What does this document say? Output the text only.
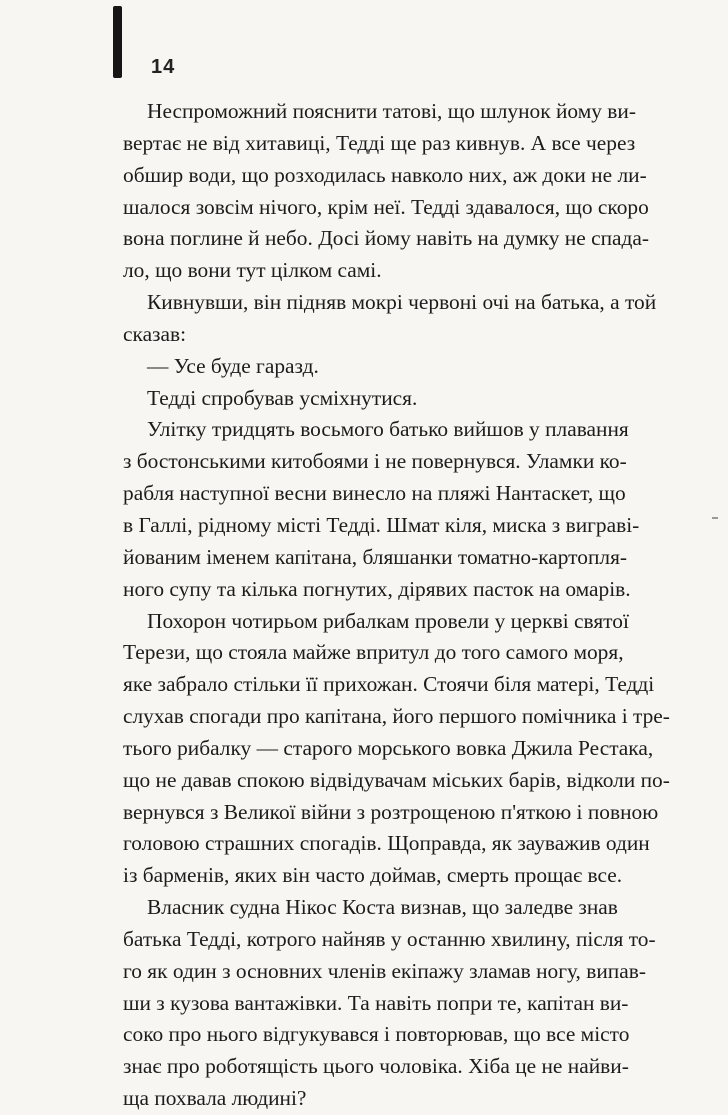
14
Неспроможний пояснити татові, що шлунок йому ви-
вертає не від хитавиці, Тедді ще раз кивнув. А все через
обшир води, що розходилась навколо них, аж доки не ли-
шалося зовсім нічого, крім неї. Тедді здавалося, що скоро
вона поглине й небо. Досі йому навіть на думку не спада-
ло, що вони тут цілком самі.
Кивнувши, він підняв мокрі червоні очі на батька, а той
сказав:
— Усе буде гаразд.
Тедді спробував усміхнутися.
Улітку тридцять восьмого батько вийшов у плавання
з бостонськими китобоями і не повернувся. Уламки ко-
рабля наступної весни винесло на пляжі Нантаскет, що
в Галлі, рідному місті Тедді. Шмат кіля, миска з виграві-
йованим іменем капітана, бляшанки томатно-картопля-
ного супу та кілька погнутих, дірявих пасток на омарів.
Похорон чотирьом рибалкам провели у церкві святої
Терези, що стояла майже впритул до того самого моря,
яке забрало стільки її прихожан. Стоячи біля матері, Тедді
слухав спогади про капітана, його першого помічника і тре-
тього рибалку — старого морського вовка Джила Рестака,
що не давав спокою відвідувачам міських барів, відколи по-
вернувся з Великої війни з розтрощеною п'яткою і повною
головою страшних спогадів. Щоправда, як зауважив один
із барменів, яких він часто доймав, смерть прощає все.
Власник судна Нікос Коста визнав, що заледве знав
батька Тедді, котрого найняв у останню хвилину, після то-
го як один з основних членів екіпажу зламав ногу, випав-
ши з кузова вантажівки. Та навіть попри те, капітан ви-
соко про нього відгукувався і повторював, що все місто
знає про роботящість цього чоловіка. Хіба це не найви-
ща похвала людині?
